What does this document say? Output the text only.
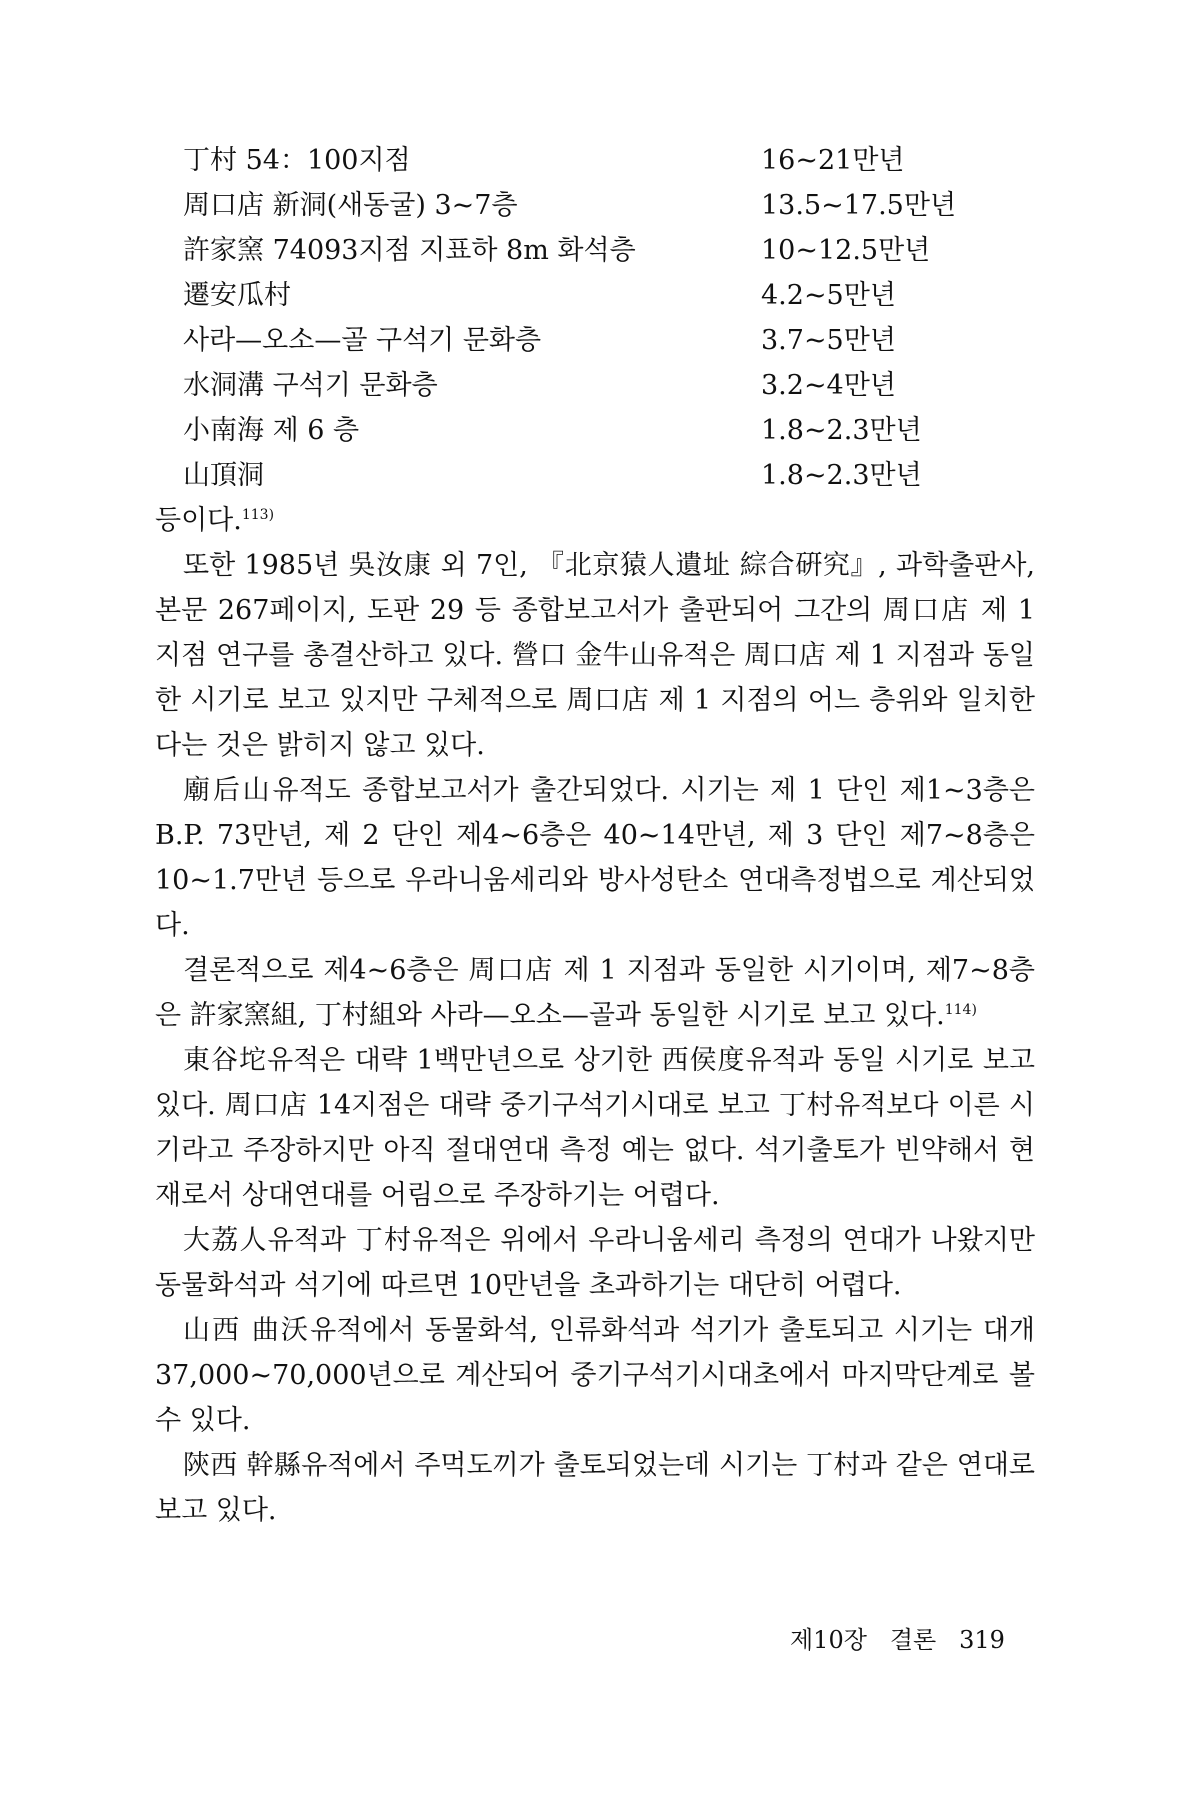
丁村 54：100지점	16~21만년
周口店 新洞(새동굴) 3~7층	13.5~17.5만년
許家窯 74093지점 지표하 8m 화석층	10~12.5만년
遷安瓜村	4.2~5만년
사라—오소—골 구석기 문화층	3.7~5만년
水洞溝 구석기 문화층	3.2~4만년
小南海 제 6 층	1.8~2.3만년
山頂洞	1.8~2.3만년

등이다.$^{113)}$

또한 1985년 吳汝康 외 7인, 『北京猿人遺址 綜合硏究』, 과학출판사, 본문 267페이지, 도판 29 등 종합보고서가 출판되어 그간의 周口店 제 1 지점 연구를 총결산하고 있다. 營口 金牛山유적은 周口店 제 1 지점과 동일한 시기로 보고 있지만 구체적으로 周口店 제 1 지점의 어느 층위와 일치한다는 것은 밝히지 않고 있다.

廟后山유적도 종합보고서가 출간되었다. 시기는 제 1 단인 제1~3층은 B.P. 73만년, 제 2 단인 제4~6층은 40~14만년, 제 3 단인 제7~8층은 10~1.7만년 등으로 우라니움세리와 방사성탄소 연대측정법으로 계산되었다.

결론적으로 제4~6층은 周口店 제 1 지점과 동일한 시기이며, 제7~8층은 許家窯組, 丁村組와 사라—오소—골과 동일한 시기로 보고 있다.$^{114)}$

東谷坨유적은 대략 1백만년으로 상기한 西侯度유적과 동일 시기로 보고 있다. 周口店 14지점은 대략 중기구석기시대로 보고 丁村유적보다 이른 시기라고 주장하지만 아직 절대연대 측정 예는 없다. 석기출토가 빈약해서 현재로서 상대연대를 어림으로 주장하기는 어렵다.

大荔人유적과 丁村유적은 위에서 우라니움세리 측정의 연대가 나왔지만 동물화석과 석기에 따르면 10만년을 초과하기는 대단히 어렵다.

山西 曲沃유적에서 동물화석, 인류화석과 석기가 출토되고 시기는 대개 37,000~70,000년으로 계산되어 중기구석기시대초에서 마지막단계로 볼 수 있다.

陝西 幹縣유적에서 주먹도끼가 출토되었는데 시기는 丁村과 같은 연대로 보고 있다.

제10장 결론 319
